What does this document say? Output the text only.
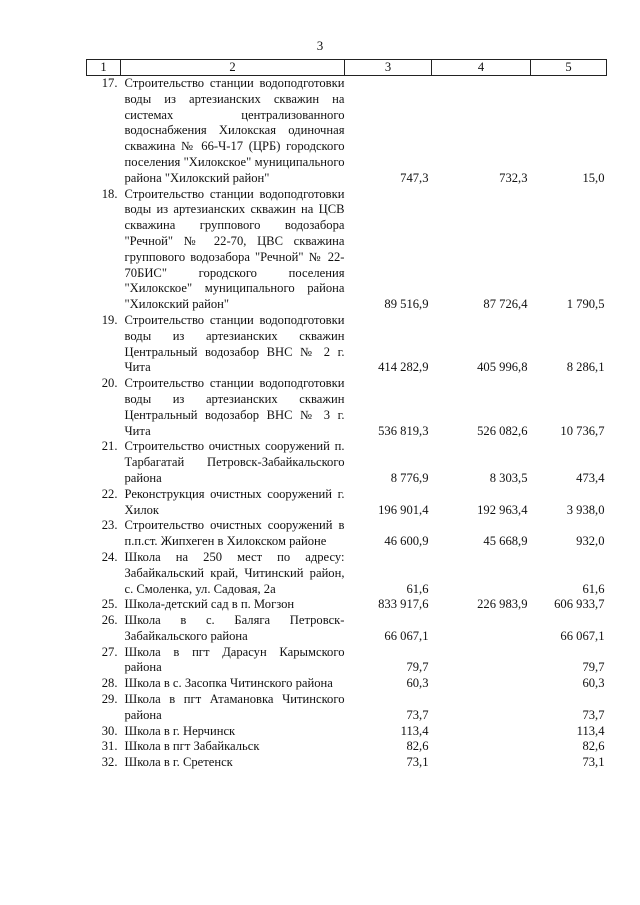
3
1	2	3	4	5
17.	Строительство станции водоподготовки воды из артезианских скважин на системах централизованного водоснабжения Хилокская одиночная скважина № 66-Ч-17 (ЦРБ) городского поселения "Хилокское" муниципального района "Хилокский район"	747,3	732,3	15,0
18.	Строительство станции водоподготовки воды из артезианских скважин на ЦСВ скважина группового водозабора "Речной" № 22-70, ЦВС скважина группового водозабора "Речной" № 22-70БИС" городского поселения "Хилокское" муниципального района "Хилокский район"	89 516,9	87 726,4	1 790,5
19.	Строительство станции водоподготовки воды из артезианских скважин Центральный водозабор ВНС № 2 г. Чита	414 282,9	405 996,8	8 286,1
20.	Строительство станции водоподготовки воды из артезианских скважин Центральный водозабор ВНС № 3 г. Чита	536 819,3	526 082,6	10 736,7
21.	Строительство очистных сооружений п. Тарбагатай Петровск-Забайкальского района	8 776,9	8 303,5	473,4
22.	Реконструкция очистных сооружений г. Хилок	196 901,4	192 963,4	3 938,0
23.	Строительство очистных сооружений в п.п.ст. Жипхеген в Хилокском районе	46 600,9	45 668,9	932,0
24.	Школа на 250 мест по адресу: Забайкальский край, Читинский район, с. Смоленка, ул. Садовая, 2а	61,6		61,6
25.	Школа-детский сад в п. Могзон	833 917,6	226 983,9	606 933,7
26.	Школа в с. Баляга Петровск-Забайкальского района	66 067,1		66 067,1
27.	Школа в пгт Дарасун Карымского района	79,7		79,7
28.	Школа в с. Засопка Читинского района	60,3		60,3
29.	Школа в пгт Атамановка Читинского района	73,7		73,7
30.	Школа в г. Нерчинск	113,4		113,4
31.	Школа в пгт Забайкальск	82,6		82,6
32.	Школа в г. Сретенск	73,1		73,1
